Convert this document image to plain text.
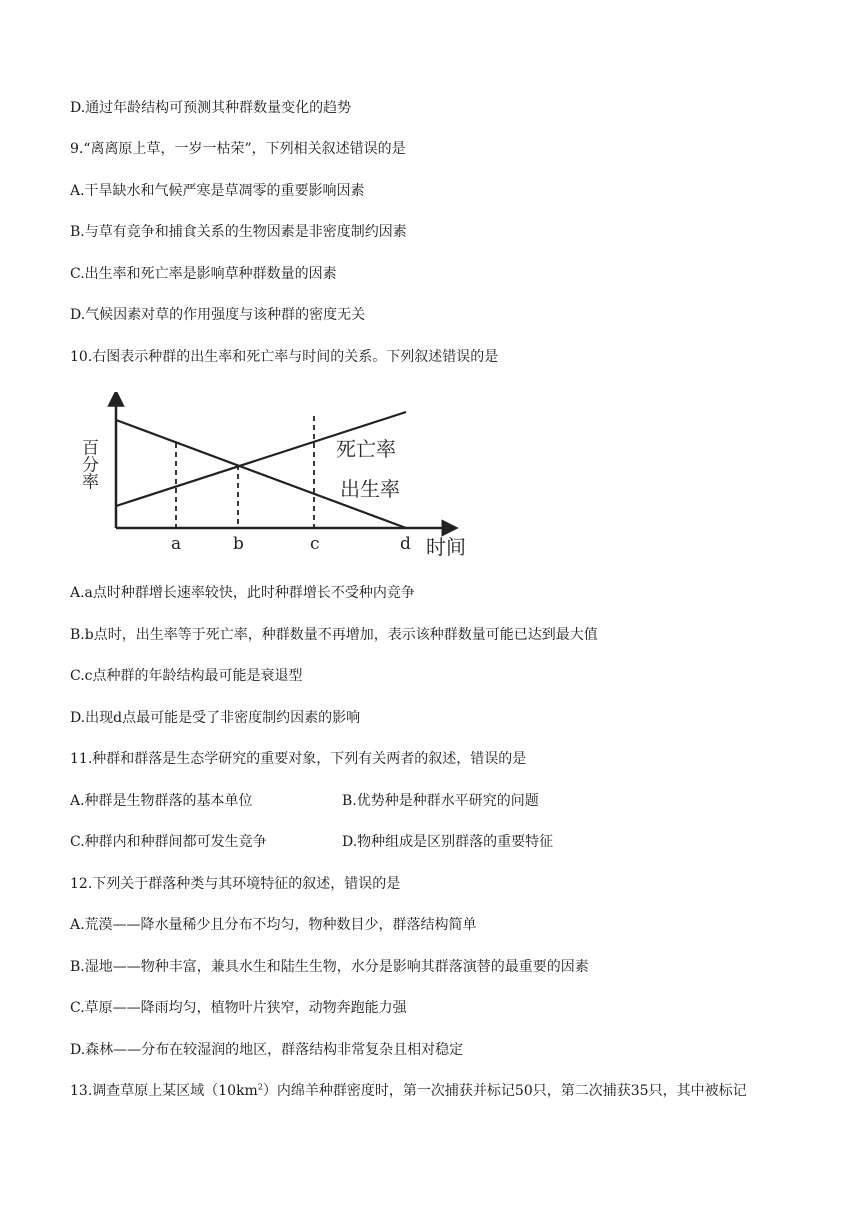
D.通过年龄结构可预测其种群数量变化的趋势
9.“离离原上草，一岁一枯荣”，下列相关叙述错误的是
A.干旱缺水和气候严寒是草凋零的重要影响因素
B.与草有竞争和捕食关系的生物因素是非密度制约因素
C.出生率和死亡率是影响草种群数量的因素
D.气候因素对草的作用强度与该种群的密度无关
10.右图表示种群的出生率和死亡率与时间的关系。下列叙述错误的是
百分率	死亡率
出生率
a	b	c	d 时间
A.a点时种群增长速率较快，此时种群增长不受种内竞争
B.b点时，出生率等于死亡率，种群数量不再增加，表示该种群数量可能已达到最大值
C.c点种群的年龄结构最可能是衰退型
D.出现d点最可能是受了非密度制约因素的影响
11.种群和群落是生态学研究的重要对象，下列有关两者的叙述，错误的是
A.种群是生物群落的基本单位	B.优势种是种群水平研究的问题
C.种群内和种群间都可发生竞争	D.物种组成是区别群落的重要特征
12.下列关于群落种类与其环境特征的叙述，错误的是
A.荒漠——降水量稀少且分布不均匀，物种数目少，群落结构简单
B.湿地——物种丰富，兼具水生和陆生生物，水分是影响其群落演替的最重要的因素
C.草原——降雨均匀，植物叶片狭窄，动物奔跑能力强
D.森林——分布在较湿润的地区，群落结构非常复杂且相对稳定
13.调查草原上某区域$(10km^2)$内绵羊种群密度时，第一次捕获并标记50只，第二次捕获35只，其中被标记
